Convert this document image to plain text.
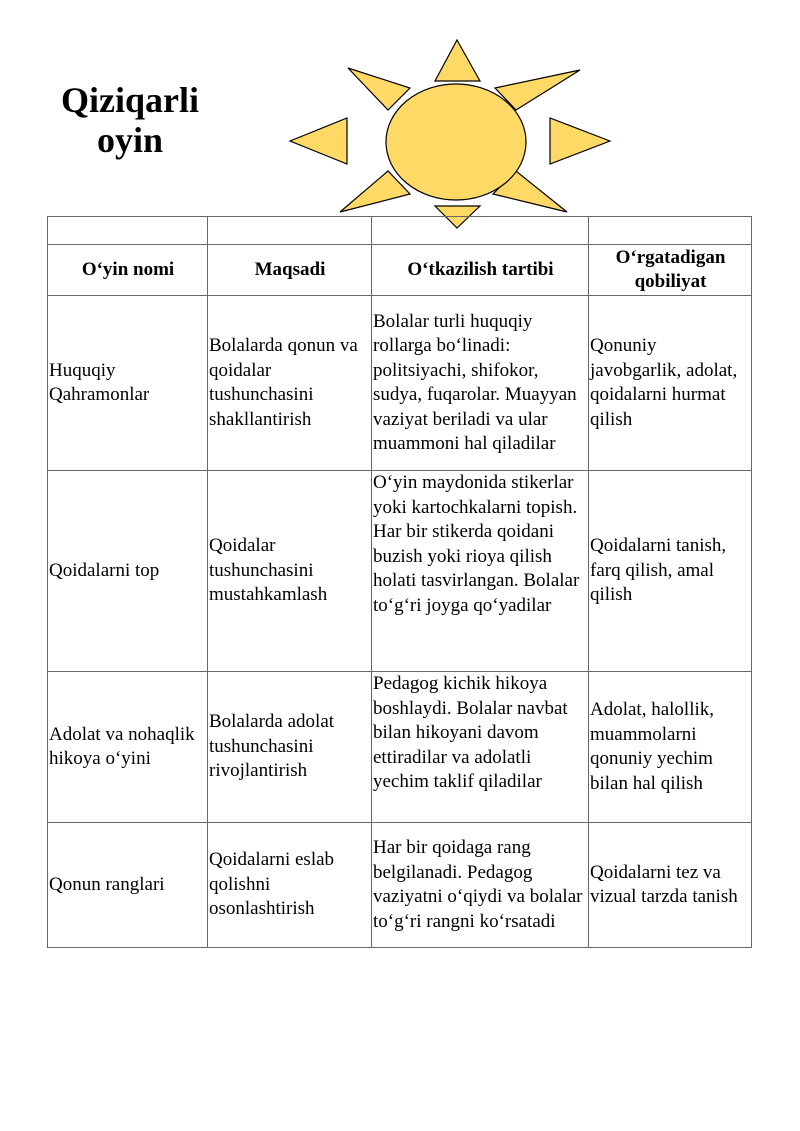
Qiziqarli oyin

O‘yin nomi	Maqsadi	O‘tkazilish tartibi	O‘rgatadigan qobiliyat
Huquqiy Qahramonlar	Bolalarda qonun va qoidalar tushunchasini shakllantirish	Bolalar turli huquqiy rollarga bo‘linadi: politsiyachi, shifokor, sudya, fuqarolar. Muayyan vaziyat beriladi va ular muammoni hal qiladilar	Qonuniy javobgarlik, adolat, qoidalarni hurmat qilish
Qoidalarni top	Qoidalar tushunchasini mustahkamlash	O‘yin maydonida stikerlar yoki kartochkalarni topish. Har bir stikerda qoidani buzish yoki rioya qilish holati tasvirlangan. Bolalar to‘g‘ri joyga qo‘yadilar	Qoidalarni tanish, farq qilish, amal qilish
Adolat va nohaqlik hikoya o‘yini	Bolalarda adolat tushunchasini rivojlantirish	Pedagog kichik hikoya boshlaydi. Bolalar navbat bilan hikoyani davom ettiradilar va adolatli yechim taklif qiladilar	Adolat, halollik, muammolarni qonuniy yechim bilan hal qilish
Qonun ranglari	Qoidalarni eslab qolishni osonlashtirish	Har bir qoidaga rang belgilanadi. Pedagog vaziyatni o‘qiydi va bolalar to‘g‘ri rangni ko‘rsatadi	Qoidalarni tez va vizual tarzda tanish
